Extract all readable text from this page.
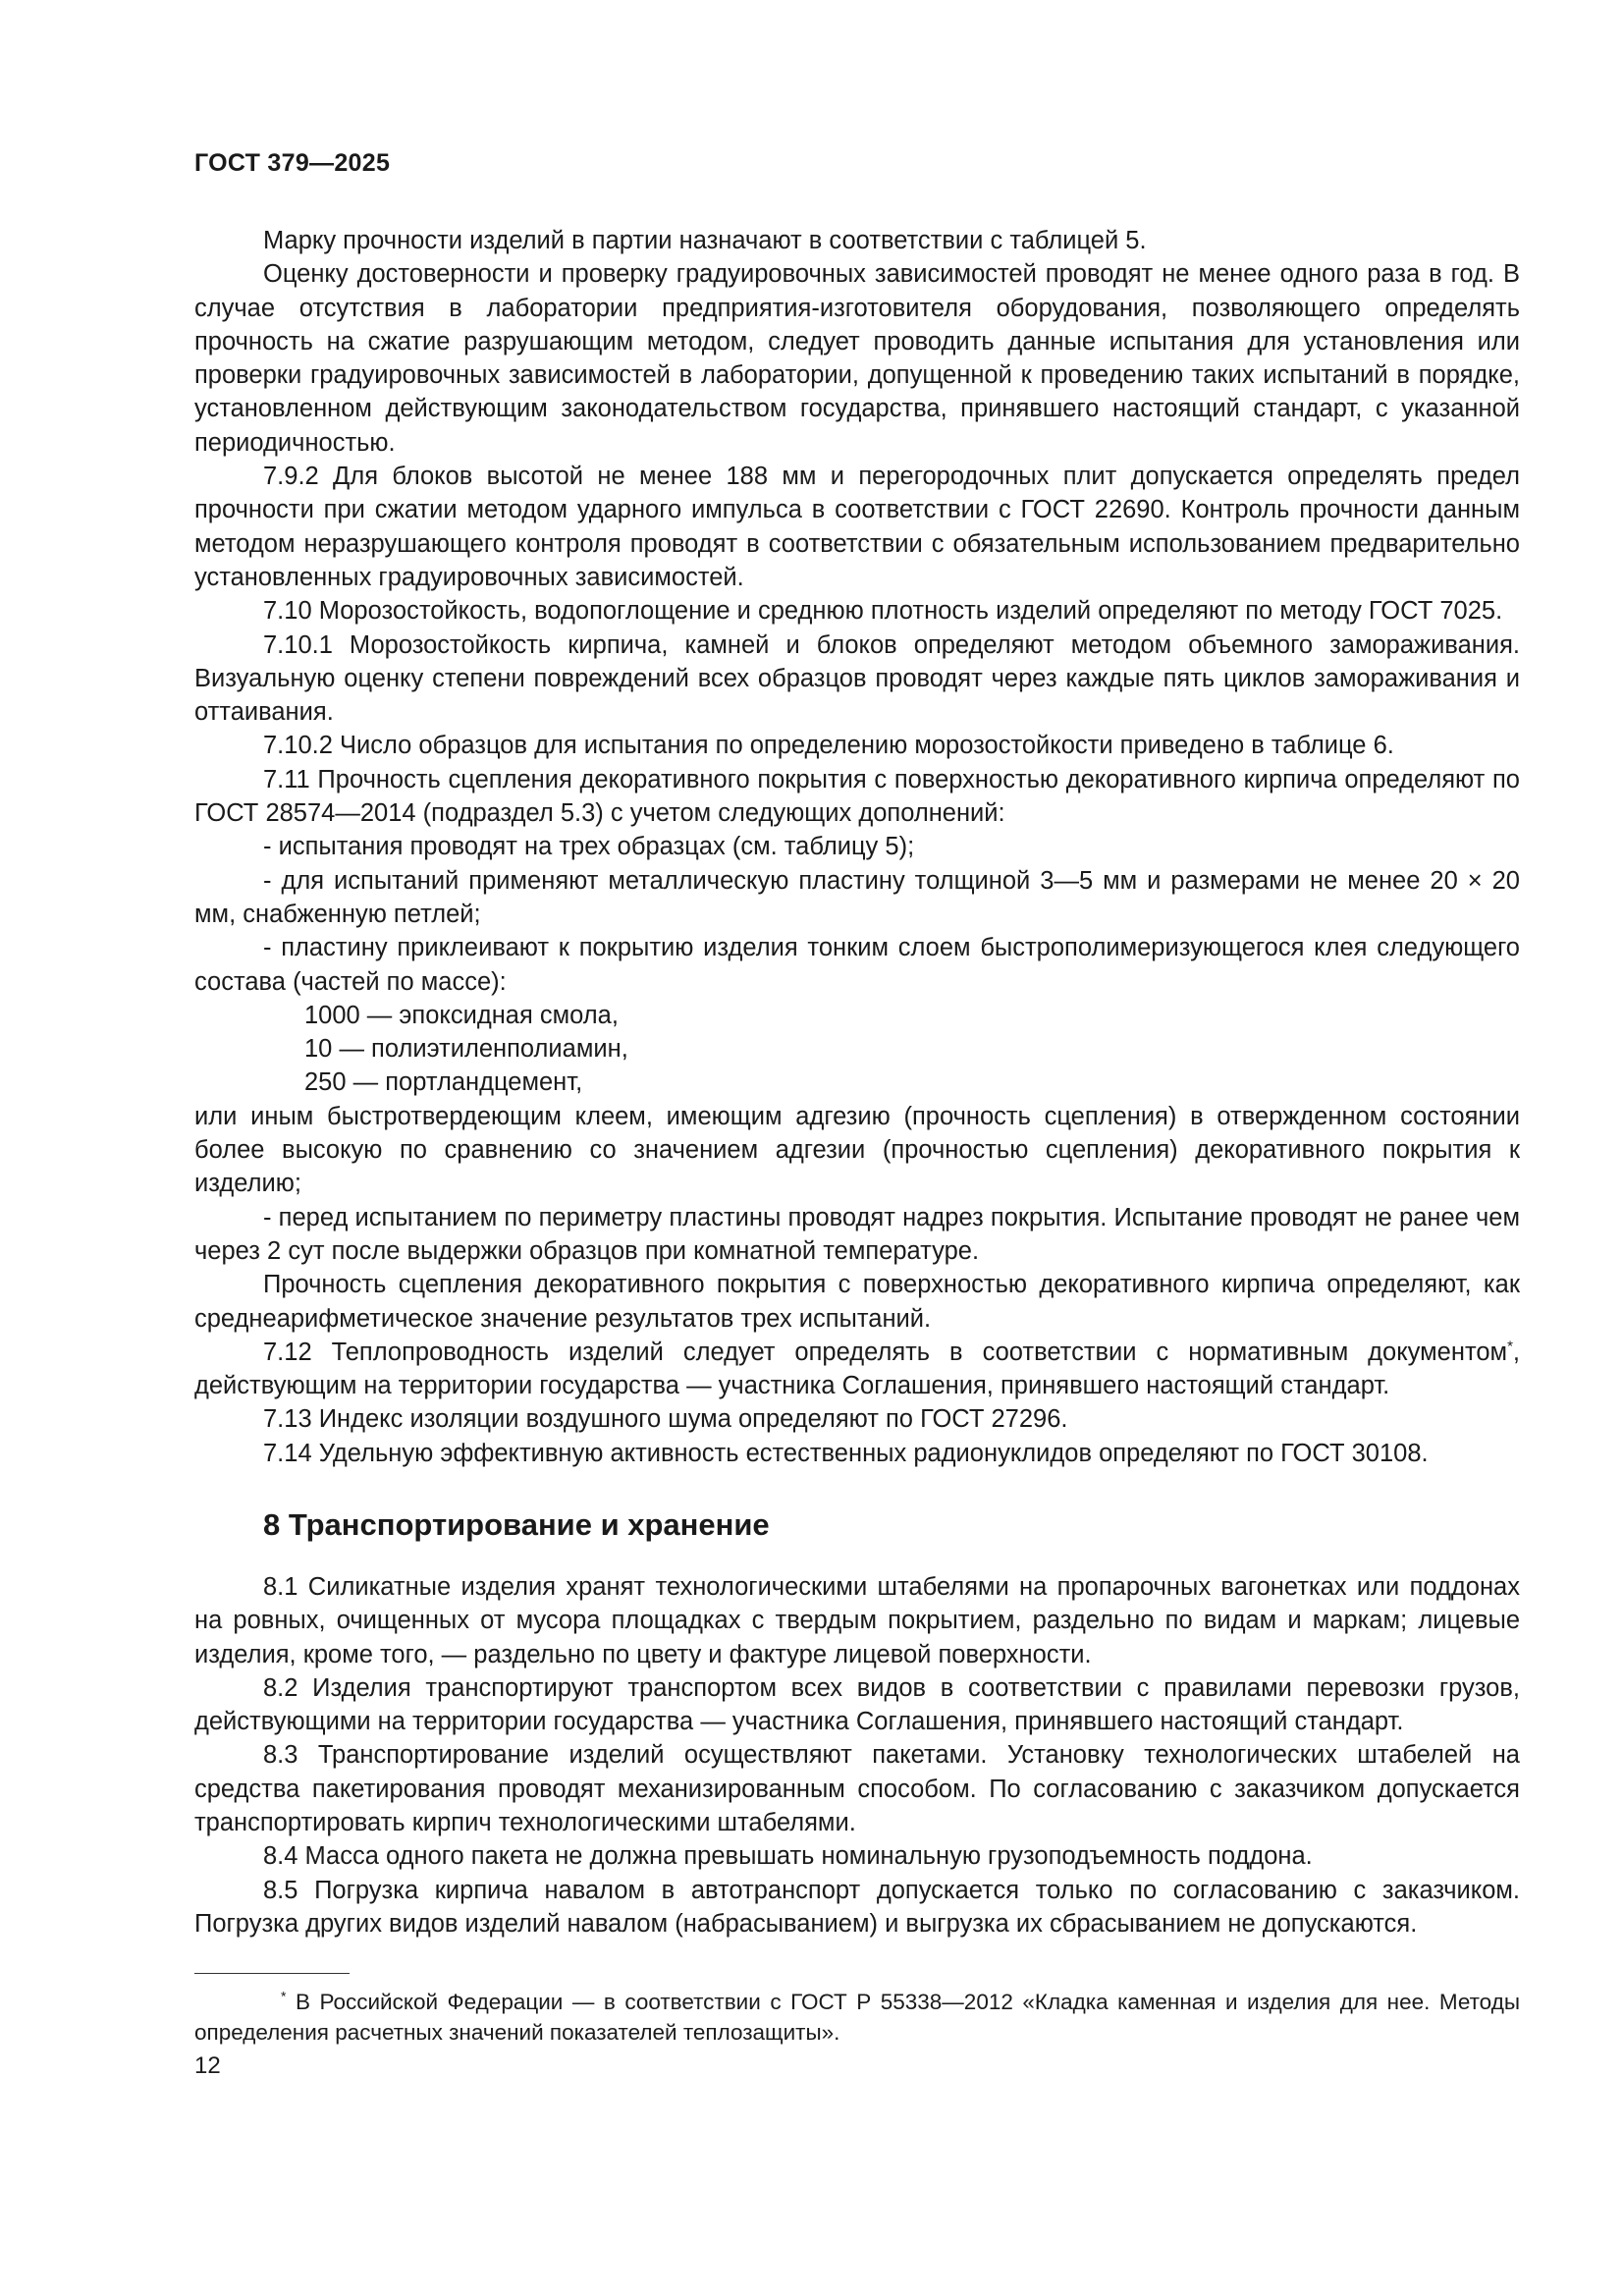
ГОСТ 379—2025

Марку прочности изделий в партии назначают в соответствии с таблицей 5.

Оценку достоверности и проверку градуировочных зависимостей проводят не менее одного раза в год. В случае отсутствия в лаборатории предприятия-изготовителя оборудования, позволяющего определять прочность на сжатие разрушающим методом, следует проводить данные испытания для установления или проверки градуировочных зависимостей в лаборатории, допущенной к проведению таких испытаний в порядке, установленном действующим законодательством государства, принявшего настоящий стандарт, с указанной периодичностью.

7.9.2 Для блоков высотой не менее 188 мм и перегородочных плит допускается определять предел прочности при сжатии методом ударного импульса в соответствии с ГОСТ 22690. Контроль прочности данным методом неразрушающего контроля проводят в соответствии с обязательным использованием предварительно установленных градуировочных зависимостей.

7.10 Морозостойкость, водопоглощение и среднюю плотность изделий определяют по методу ГОСТ 7025.

7.10.1 Морозостойкость кирпича, камней и блоков определяют методом объемного замораживания. Визуальную оценку степени повреждений всех образцов проводят через каждые пять циклов замораживания и оттаивания.

7.10.2 Число образцов для испытания по определению морозостойкости приведено в таблице 6.

7.11 Прочность сцепления декоративного покрытия с поверхностью декоративного кирпича определяют по ГОСТ 28574—2014 (подраздел 5.3) с учетом следующих дополнений:

- испытания проводят на трех образцах (см. таблицу 5);

- для испытаний применяют металлическую пластину толщиной 3—5 мм и размерами не менее 20 × 20 мм, снабженную петлей;

- пластину приклеивают к покрытию изделия тонким слоем быстрополимеризующегося клея следующего состава (частей по массе):

1000 — эпоксидная смола,

10 — полиэтиленполиамин,

250 — портландцемент,

или иным быстротвердеющим клеем, имеющим адгезию (прочность сцепления) в отвержденном состоянии более высокую по сравнению со значением адгезии (прочностью сцепления) декоративного покрытия к изделию;

- перед испытанием по периметру пластины проводят надрез покрытия. Испытание проводят не ранее чем через 2 сут после выдержки образцов при комнатной температуре.

Прочность сцепления декоративного покрытия с поверхностью декоративного кирпича определяют, как среднеарифметическое значение результатов трех испытаний.

7.12 Теплопроводность изделий следует определять в соответствии с нормативным документом*, действующим на территории государства — участника Соглашения, принявшего настоящий стандарт.

7.13 Индекс изоляции воздушного шума определяют по ГОСТ 27296.

7.14 Удельную эффективную активность естественных радионуклидов определяют по ГОСТ 30108.

8 Транспортирование и хранение

8.1 Силикатные изделия хранят технологическими штабелями на пропарочных вагонетках или поддонах на ровных, очищенных от мусора площадках с твердым покрытием, раздельно по видам и маркам; лицевые изделия, кроме того, — раздельно по цвету и фактуре лицевой поверхности.

8.2 Изделия транспортируют транспортом всех видов в соответствии с правилами перевозки грузов, действующими на территории государства — участника Соглашения, принявшего настоящий стандарт.

8.3 Транспортирование изделий осуществляют пакетами. Установку технологических штабелей на средства пакетирования проводят механизированным способом. По согласованию с заказчиком допускается транспортировать кирпич технологическими штабелями.

8.4 Масса одного пакета не должна превышать номинальную грузоподъемность поддона.

8.5 Погрузка кирпича навалом в автотранспорт допускается только по согласованию с заказчиком. Погрузка других видов изделий навалом (набрасыванием) и выгрузка их сбрасыванием не допускаются.

* В Российской Федерации — в соответствии с ГОСТ Р 55338—2012 «Кладка каменная и изделия для нее. Методы определения расчетных значений показателей теплозащиты».
12
